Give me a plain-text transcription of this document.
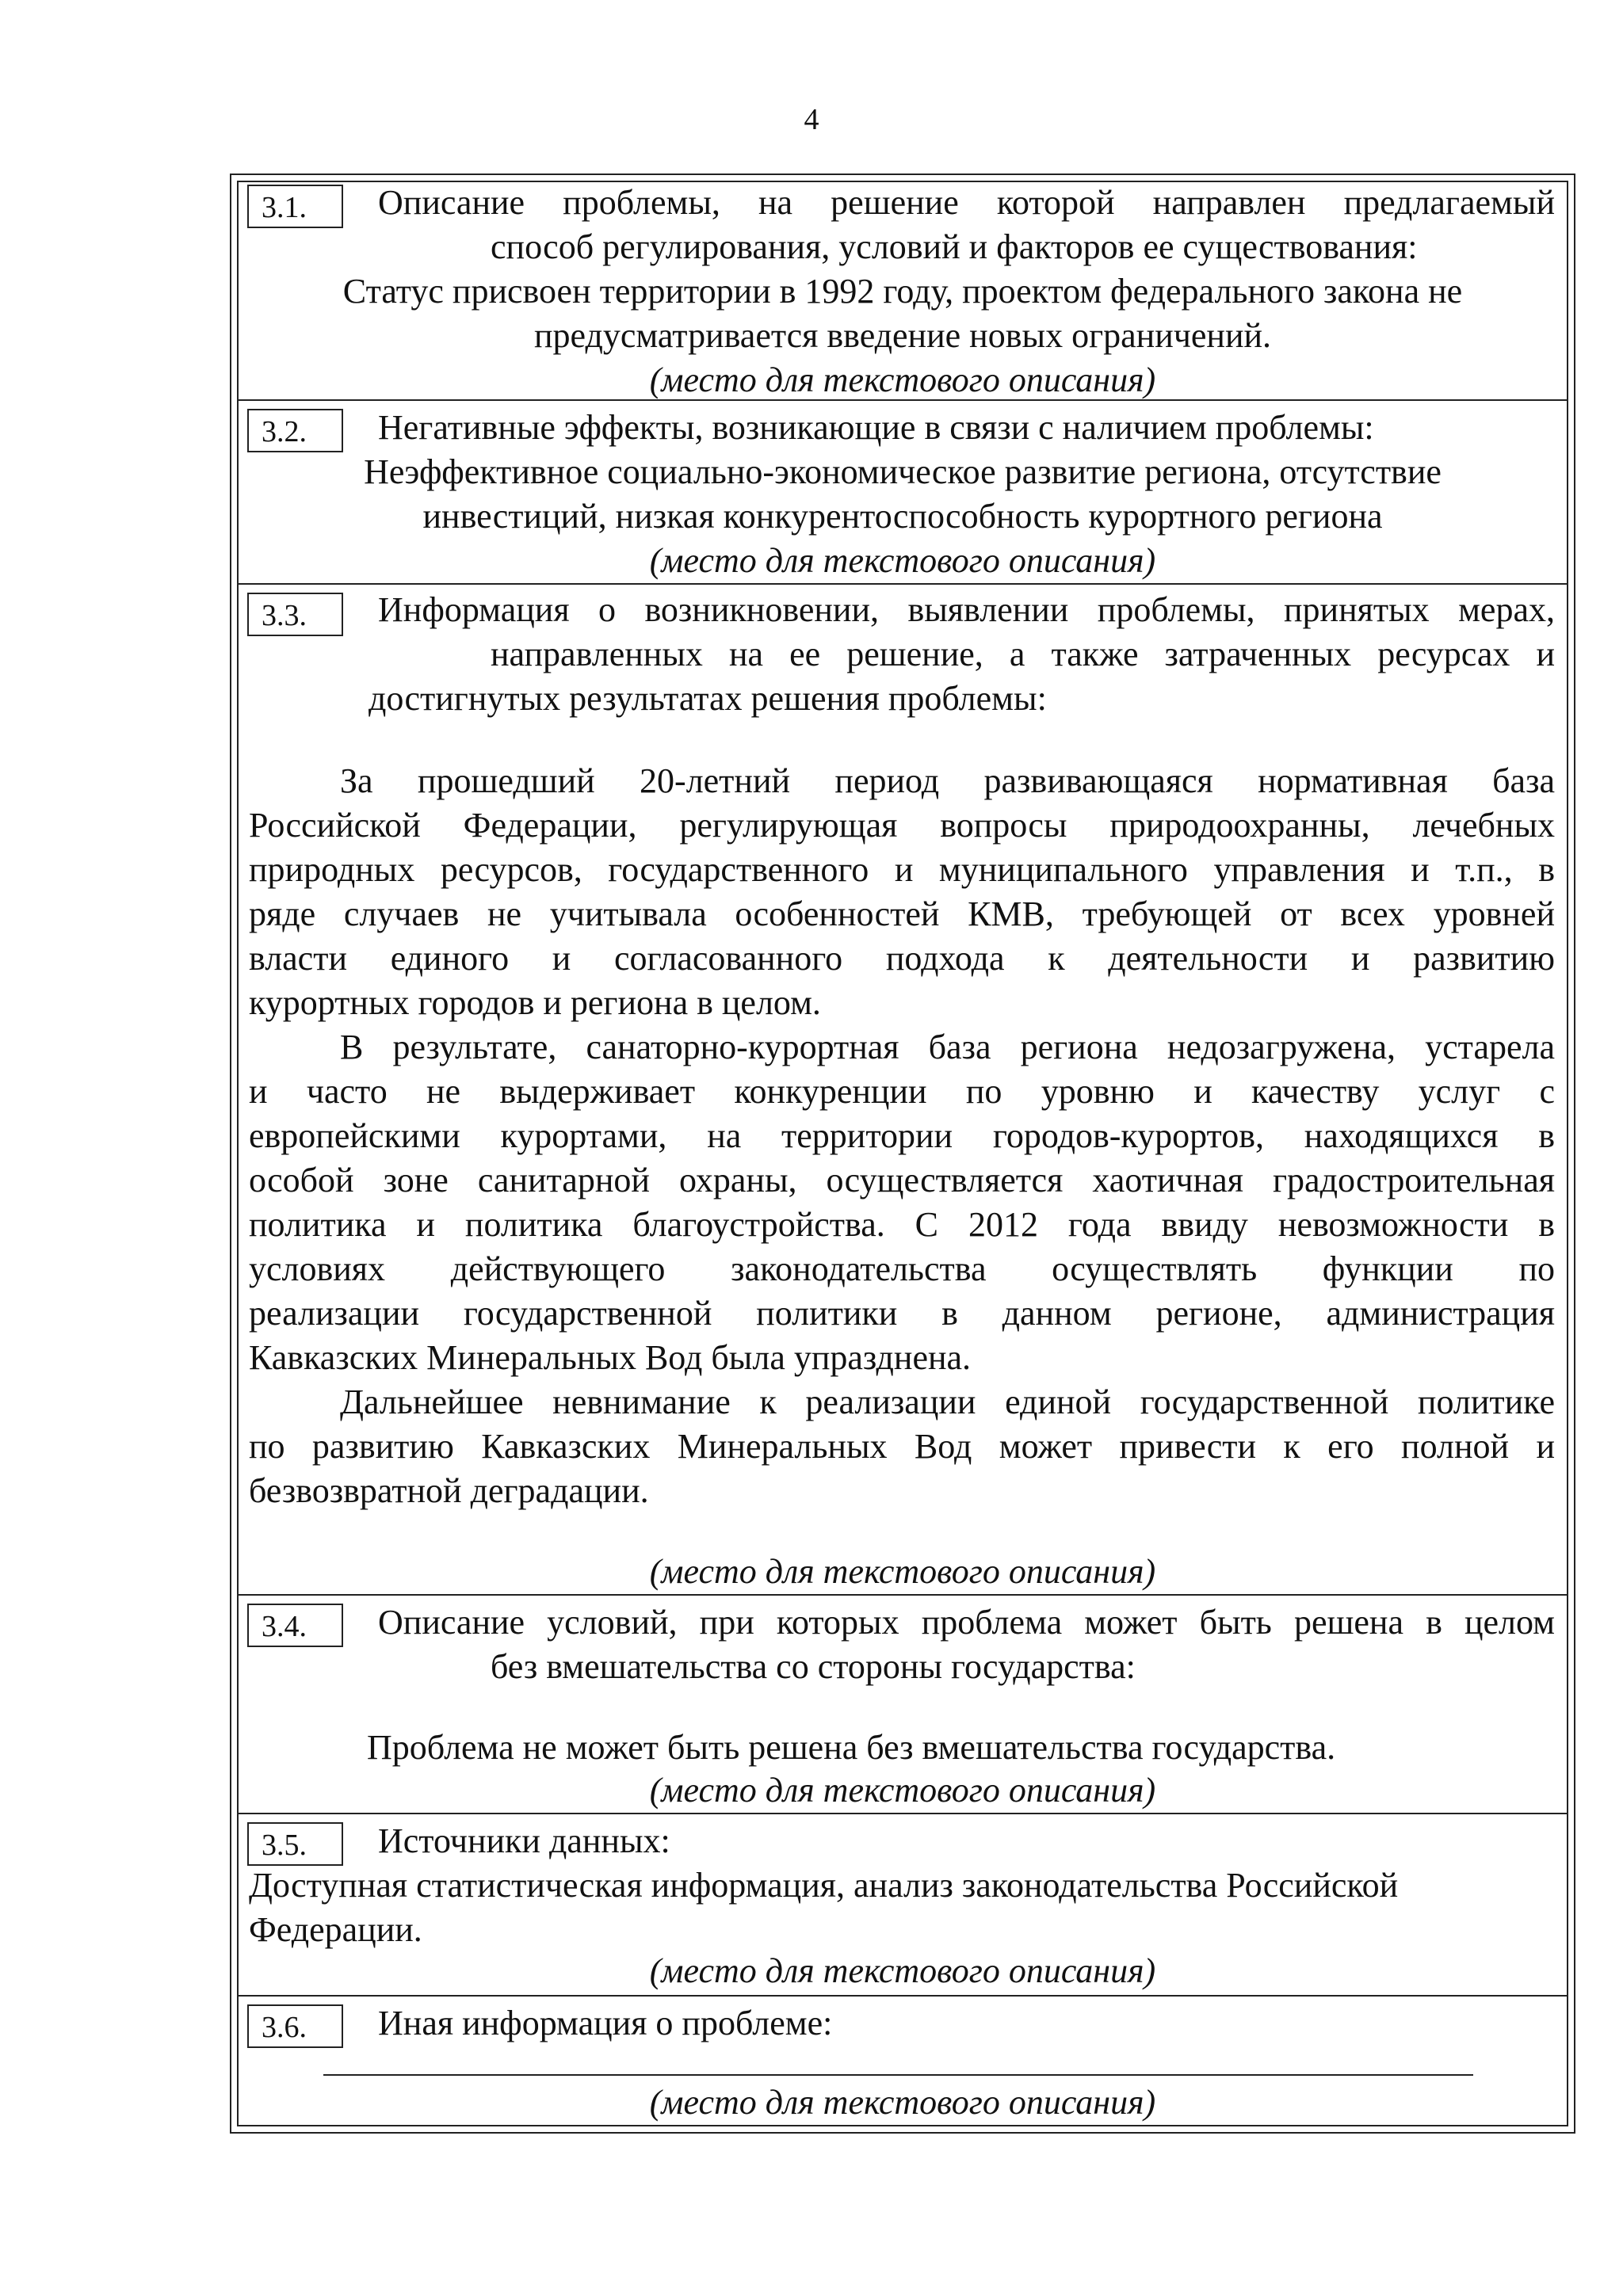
4
3.1.	Описание проблемы, на решение которой направлен предлагаемый
способ регулирования, условий и факторов ее существования:
Статус присвоен территории в 1992 году, проектом федерального закона не
предусматривается введение новых ограничений.
(место для текстового описания)
3.2.	Негативные эффекты, возникающие в связи с наличием проблемы:
Неэффективное социально-экономическое развитие региона, отсутствие
инвестиций, низкая конкурентоспособность курортного региона
(место для текстового описания)
3.3.	Информация о возникновении, выявлении проблемы, принятых мерах,
направленных на ее решение, а также затраченных ресурсах и
достигнутых результатах решения проблемы:
За прошедший 20-летний период развивающаяся нормативная база
Российской Федерации, регулирующая вопросы природоохранны, лечебных
природных ресурсов, государственного и муниципального управления и т.п., в
ряде случаев не учитывала особенностей КМВ, требующей от всех уровней
власти единого и согласованного подхода к деятельности и развитию
курортных городов и региона в целом.
В результате, санаторно-курортная база региона недозагружена, устарела
и часто не выдерживает конкуренции по уровню и качеству услуг с
европейскими курортами, на территории городов-курортов, находящихся в
особой зоне санитарной охраны, осуществляется хаотичная градостроительная
политика и политика благоустройства. С 2012 года ввиду невозможности в
условиях действующего законодательства осуществлять функции по
реализации государственной политики в данном регионе, администрация
Кавказских Минеральных Вод была упразднена.
Дальнейшее невнимание к реализации единой государственной политике
по развитию Кавказских Минеральных Вод может привести к его полной и
безвозвратной деградации.
(место для текстового описания)
3.4.	Описание условий, при которых проблема может быть решена в целом
без вмешательства со стороны государства:
Проблема не может быть решена без вмешательства государства.
(место для текстового описания)
3.5.	Источники данных:
Доступная статистическая информация, анализ законодательства Российской
Федерации.
(место для текстового описания)
3.6.	Иная информация о проблеме:
(место для текстового описания)
